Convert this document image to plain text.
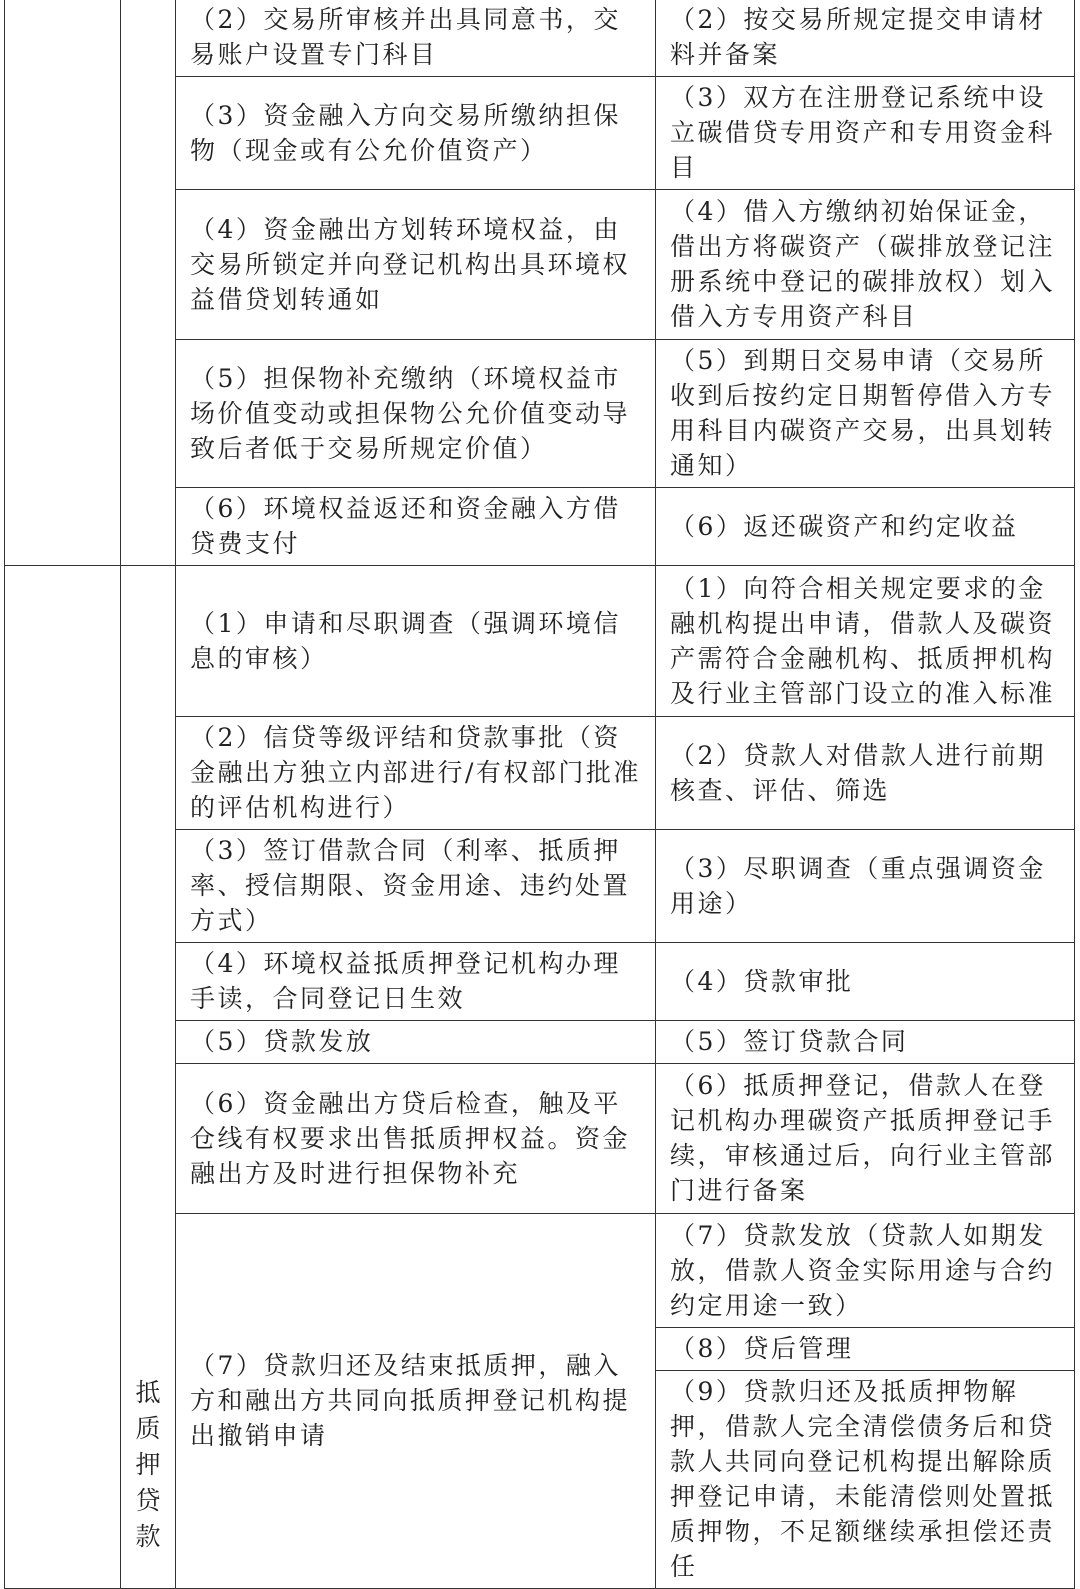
		（2）交易所审核并出具同意书，交易账户设置专门科目	（2）按交易所规定提交申请材料并备案
		（3）资金融入方向交易所缴纳担保物（现金或有公允价值资产）	（3）双方在注册登记系统中设立碳借贷专用资产和专用资金科目
		（4）资金融出方划转环境权益，由交易所锁定并向登记机构出具环境权益借贷划转通如	（4）借入方缴纳初始保证金，借出方将碳资产（碳排放登记注册系统中登记的碳排放权）划入借入方专用资产科目
		（5）担保物补充缴纳（环境权益市场价值变动或担保物公允价值变动导致后者低于交易所规定价值）	（5）到期日交易申请（交易所收到后按约定日期暂停借入方专用科目内碳资产交易，出具划转通知）
		（6）环境权益返还和资金融入方借贷费支付	（6）返还碳资产和约定收益
	抵质押贷款	（1）申请和尽职调查（强调环境信息的审核）	（1）向符合相关规定要求的金融机构提出申请，借款人及碳资产需符合金融机构、抵质押机构及行业主管部门设立的准入标准
		（2）信贷等级评结和贷款事批（资金融出方独立内部进行/有权部门批准的评估机构进行）	（2）贷款人对借款人进行前期核查、评估、筛选
		（3）签订借款合同（利率、抵质押率、授信期限、资金用途、违约处置方式）	（3）尽职调查（重点强调资金用途）
		（4）环境权益抵质押登记机构办理手读，合同登记日生效	（4）贷款审批
		（5）贷款发放	（5）签订贷款合同
		（6）资金融出方贷后检查，触及平仓线有权要求出售抵质押权益。资金融出方及时进行担保物补充	（6）抵质押登记，借款人在登记机构办理碳资产抵质押登记手续，审核通过后，向行业主管部门进行备案
		（7）贷款归还及结束抵质押，融入方和融出方共同向抵质押登记机构提出撤销申请	（7）贷款发放（贷款人如期发放，借款人资金实际用途与合约约定用途一致）
			（8）贷后管理
			（9）贷款归还及抵质押物解押，借款人完全清偿债务后和贷款人共同向登记机构提出解除质押登记申请，未能清偿则处置抵质押物，不足额继续承担偿还责任
